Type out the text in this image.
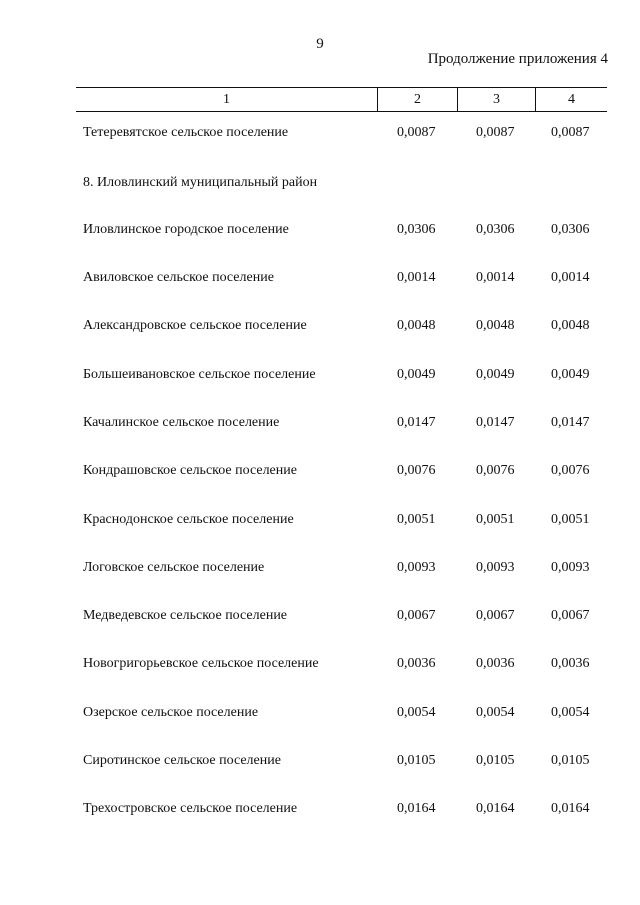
9
Продолжение приложения 4
1	2	3	4
Тетеревятское сельское поселение	0,0087	0,0087	0,0087
8. Иловлинский муниципальный район
Иловлинское городское поселение	0,0306	0,0306	0,0306
Авиловское сельское поселение	0,0014	0,0014	0,0014
Александровское сельское поселение	0,0048	0,0048	0,0048
Большеивановское сельское поселение	0,0049	0,0049	0,0049
Качалинское сельское поселение	0,0147	0,0147	0,0147
Кондрашовское сельское поселение	0,0076	0,0076	0,0076
Краснодонское сельское поселение	0,0051	0,0051	0,0051
Логовское сельское поселение	0,0093	0,0093	0,0093
Медведевское сельское поселение	0,0067	0,0067	0,0067
Новогригорьевское сельское поселение	0,0036	0,0036	0,0036
Озерское сельское поселение	0,0054	0,0054	0,0054
Сиротинское сельское поселение	0,0105	0,0105	0,0105
Трехостровское сельское поселение	0,0164	0,0164	0,0164
